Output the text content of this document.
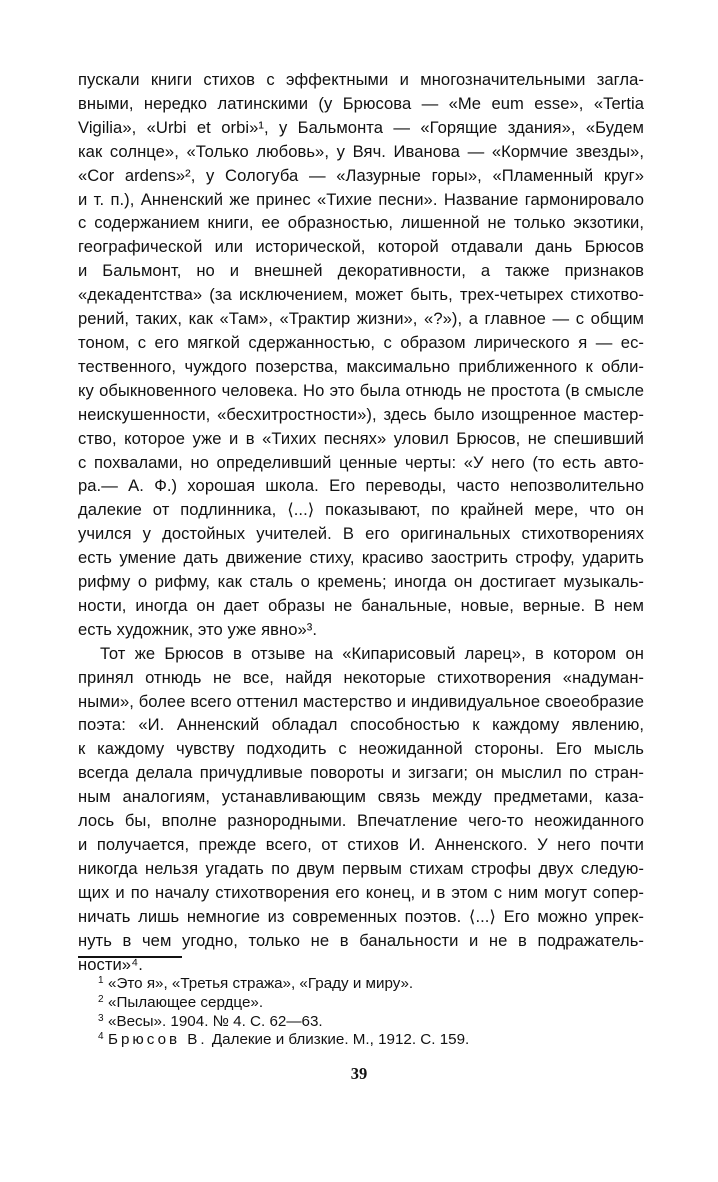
пускали книги стихов с эффектными и многозначительными загла-

вными, нередко латинскими (у Брюсова — «Me eum esse», «Tertia

Vigilia», «Urbi et orbi»¹, у Бальмонта — «Горящие здания», «Будем

как солнце», «Только любовь», у Вяч. Иванова — «Кормчие звезды»,

«Cor ardens»², у Сологуба — «Лазурные горы», «Пламенный круг»

и т. п.), Анненский же принес «Тихие песни». Название гармонировало

с содержанием книги, ее образностью, лишенной не только экзотики,

географической или исторической, которой отдавали дань Брюсов

и Бальмонт, но и внешней декоративности, а также признаков

«декадентства» (за исключением, может быть, трех-четырех стихотво-

рений, таких, как «Там», «Трактир жизни», «?»), а главное — с общим

тоном, с его мягкой сдержанностью, с образом лирического я — ес-

тественного, чуждого позерства, максимально приближенного к обли-

ку обыкновенного человека. Но это была отнюдь не простота (в смысле

неискушенности, «бесхитростности»), здесь было изощренное мастер-

ство, которое уже и в «Тихих песнях» уловил Брюсов, не спешивший

с похвалами, но определивший ценные черты: «У него (то есть авто-

ра.— А. Ф.) хорошая школа. Его переводы, часто непозволительно

далекие от подлинника, ⟨...⟩ показывают, по крайней мере, что он

учился у достойных учителей. В его оригинальных стихотворениях

есть умение дать движение стиху, красиво заострить строфу, ударить

рифму о рифму, как сталь о кремень; иногда он достигает музыкаль-

ности, иногда он дает образы не банальные, новые, верные. В нем

есть художник, это уже явно»³.

Тот же Брюсов в отзыве на «Кипарисовый ларец», в котором он

принял отнюдь не все, найдя некоторые стихотворения «надуман-

ными», более всего оттенил мастерство и индивидуальное своеобразие

поэта: «И. Анненский обладал способностью к каждому явлению,

к каждому чувству подходить с неожиданной стороны. Его мысль

всегда делала причудливые повороты и зигзаги; он мыслил по стран-

ным аналогиям, устанавливающим связь между предметами, каза-

лось бы, вполне разнородными. Впечатление чего-то неожиданного

и получается, прежде всего, от стихов И. Анненского. У него почти

никогда нельзя угадать по двум первым стихам строфы двух следую-

щих и по началу стихотворения его конец, и в этом с ним могут сопер-

ничать лишь немногие из современных поэтов. ⟨...⟩ Его можно упрек-

нуть в чем угодно, только не в банальности и не в подражатель-

ности»⁴.

1 «Это я», «Третья стража», «Граду и миру».

2 «Пылающее сердце».

3 «Весы». 1904. № 4. С. 62—63.

4 Брюсов В. Далекие и близкие. М., 1912. С. 159.

39
